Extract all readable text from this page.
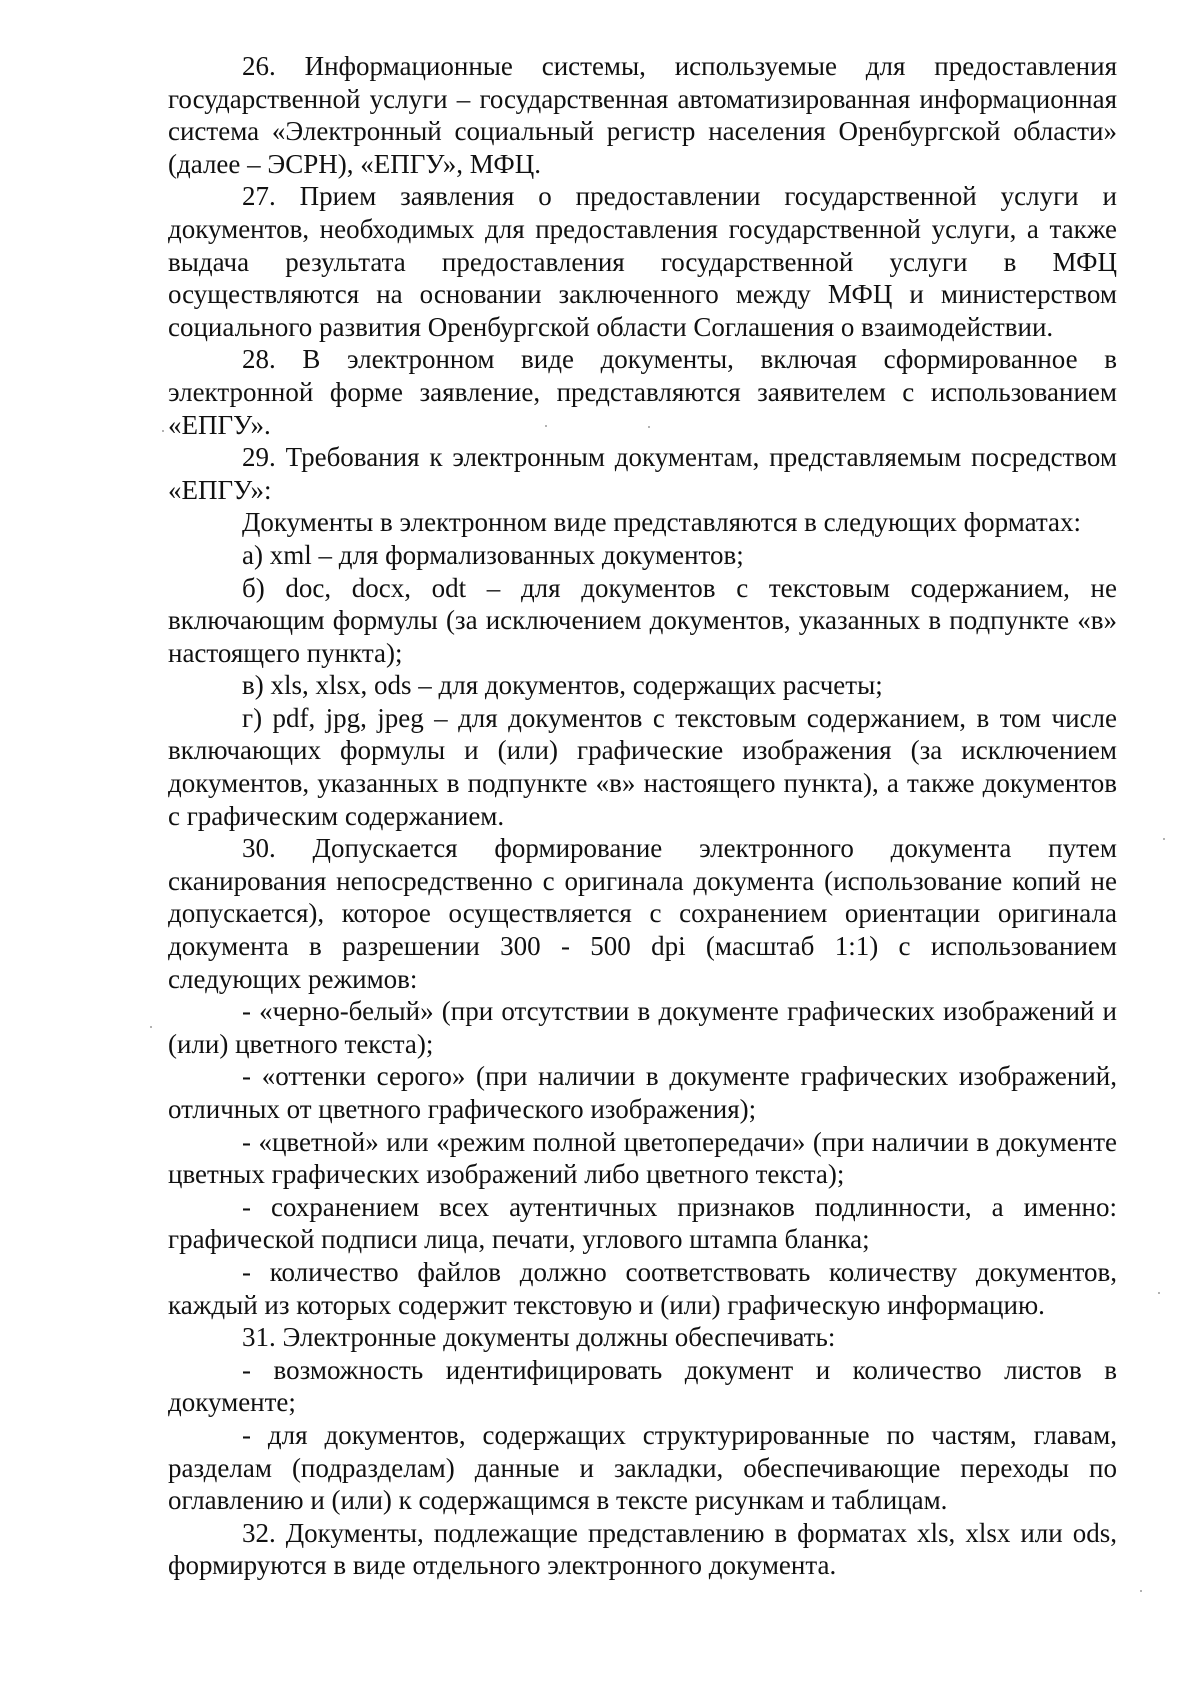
26. Информационные системы, используемые для предоставления государственной услуги – государственная автоматизированная информационная система «Электронный социальный регистр населения Оренбургской области» (далее – ЭСРН), «ЕПГУ», МФЦ.

27. Прием заявления о предоставлении государственной услуги и документов, необходимых для предоставления государственной услуги, а также выдача результата предоставления государственной услуги в МФЦ осуществляются на основании заключенного между МФЦ и министерством социального развития Оренбургской области Соглашения о взаимодействии.

28. В электронном виде документы, включая сформированное в электронной форме заявление, представляются заявителем с использованием «ЕПГУ».

29. Требования к электронным документам, представляемым посредством «ЕПГУ»:

Документы в электронном виде представляются в следующих форматах:

а) xml – для формализованных документов;

б) doc, docx, odt – для документов с текстовым содержанием, не включающим формулы (за исключением документов, указанных в подпункте «в» настоящего пункта);

в) xls, xlsx, ods – для документов, содержащих расчеты;

г) pdf, jpg, jpeg – для документов с текстовым содержанием, в том числе включающих формулы и (или) графические изображения (за исключением документов, указанных в подпункте «в» настоящего пункта), а также документов с графическим содержанием.

30. Допускается формирование электронного документа путем сканирования непосредственно с оригинала документа (использование копий не допускается), которое осуществляется с сохранением ориентации оригинала документа в разрешении 300 - 500 dpi (масштаб 1:1) с использованием следующих режимов:

- «черно-белый» (при отсутствии в документе графических изображений и (или) цветного текста);

- «оттенки серого» (при наличии в документе графических изображений, отличных от цветного графического изображения);

- «цветной» или «режим полной цветопередачи» (при наличии в документе цветных графических изображений либо цветного текста);

- сохранением всех аутентичных признаков подлинности, а именно: графической подписи лица, печати, углового штампа бланка;

- количество файлов должно соответствовать количеству документов, каждый из которых содержит текстовую и (или) графическую информацию.

31. Электронные документы должны обеспечивать:

- возможность идентифицировать документ и количество листов в документе;

- для документов, содержащих структурированные по частям, главам, разделам (подразделам) данные и закладки, обеспечивающие переходы по оглавлению и (или) к содержащимся в тексте рисункам и таблицам.

32. Документы, подлежащие представлению в форматах xls, xlsx или ods, формируются в виде отдельного электронного документа.
